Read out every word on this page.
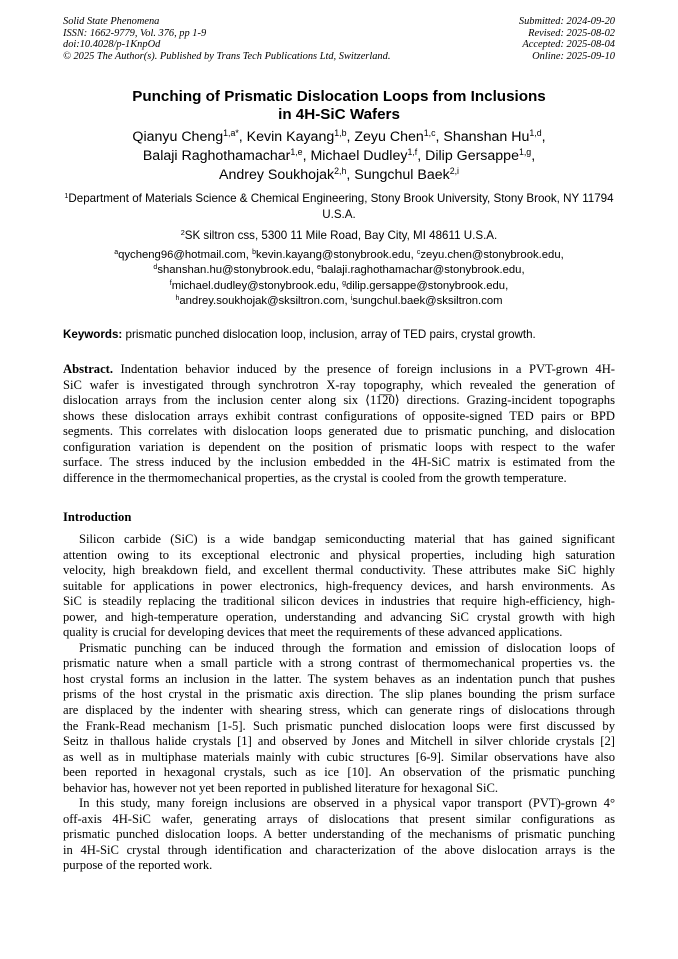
Solid State Phenomena
ISSN: 1662-9779, Vol. 376, pp 1-9
doi:10.4028/p-1KnpOd
© 2025 The Author(s). Published by Trans Tech Publications Ltd, Switzerland.
Submitted: 2024-09-20
Revised: 2025-08-02
Accepted: 2025-08-04
Online: 2025-09-10
Punching of Prismatic Dislocation Loops from Inclusions
in 4H-SiC Wafers
Qianyu Cheng$^{1,a*}$, Kevin Kayang$^{1,b}$, Zeyu Chen$^{1,c}$, Shanshan Hu$^{1,d}$,
Balaji Raghothamachar$^{1,e}$, Michael Dudley$^{1,f}$, Dilip Gersappe$^{1,g}$,
Andrey Soukhojak$^{2,h}$, Sungchul Baek$^{2,i}$
$^1$Department of Materials Science & Chemical Engineering, Stony Brook University, Stony Brook, NY 11794 U.S.A.
$^2$SK siltron css, 5300 11 Mile Road, Bay City, MI 48611 U.S.A.
$^a$qycheng96@hotmail.com, $^b$kevin.kayang@stonybrook.edu, $^c$zeyu.chen@stonybrook.edu,
$^d$shanshan.hu@stonybrook.edu, $^e$balaji.raghothamachar@stonybrook.edu,
$^f$michael.dudley@stonybrook.edu, $^g$dilip.gersappe@stonybrook.edu,
$^h$andrey.soukhojak@sksiltron.com, $^i$sungchul.baek@sksiltron.com
Keywords: prismatic punched dislocation loop, inclusion, array of TED pairs, crystal growth.
Abstract. Indentation behavior induced by the presence of foreign inclusions in a PVT-grown 4H-
SiC wafer is investigated through synchrotron X-ray topography, which revealed the generation of
dislocation arrays from the inclusion center along six ⟨11̅2̅0⟩ directions. Grazing-incident topographs
shows these dislocation arrays exhibit contrast configurations of opposite-signed TED pairs or BPD
segments. This correlates with dislocation loops generated due to prismatic punching, and dislocation
configuration variation is dependent on the position of prismatic loops with respect to the wafer
surface. The stress induced by the inclusion embedded in the 4H-SiC matrix is estimated from the
difference in the thermomechanical properties, as the crystal is cooled from the growth temperature.
Introduction
Silicon carbide (SiC) is a wide bandgap semiconducting material that has gained significant
attention owing to its exceptional electronic and physical properties, including high saturation
velocity, high breakdown field, and excellent thermal conductivity. These attributes make SiC highly
suitable for applications in power electronics, high-frequency devices, and harsh environments. As
SiC is steadily replacing the traditional silicon devices in industries that require high-efficiency, high-
power, and high-temperature operation, understanding and advancing SiC crystal growth with high
quality is crucial for developing devices that meet the requirements of these advanced applications.
Prismatic punching can be induced through the formation and emission of dislocation loops of
prismatic nature when a small particle with a strong contrast of thermomechanical properties vs. the
host crystal forms an inclusion in the latter. The system behaves as an indentation punch that pushes
prisms of the host crystal in the prismatic axis direction. The slip planes bounding the prism surface
are displaced by the indenter with shearing stress, which can generate rings of dislocations through
the Frank-Read mechanism [1-5]. Such prismatic punched dislocation loops were first discussed by
Seitz in thallous halide crystals [1] and observed by Jones and Mitchell in silver chloride crystals [2]
as well as in multiphase materials mainly with cubic structures [6-9]. Similar observations have also
been reported in hexagonal crystals, such as ice [10]. An observation of the prismatic punching
behavior has, however not yet been reported in published literature for hexagonal SiC.
In this study, many foreign inclusions are observed in a physical vapor transport (PVT)-grown 4°
off-axis 4H-SiC wafer, generating arrays of dislocations that present similar configurations as
prismatic punched dislocation loops. A better understanding of the mechanisms of prismatic punching
in 4H-SiC crystal through identification and characterization of the above dislocation arrays is the
purpose of the reported work.
